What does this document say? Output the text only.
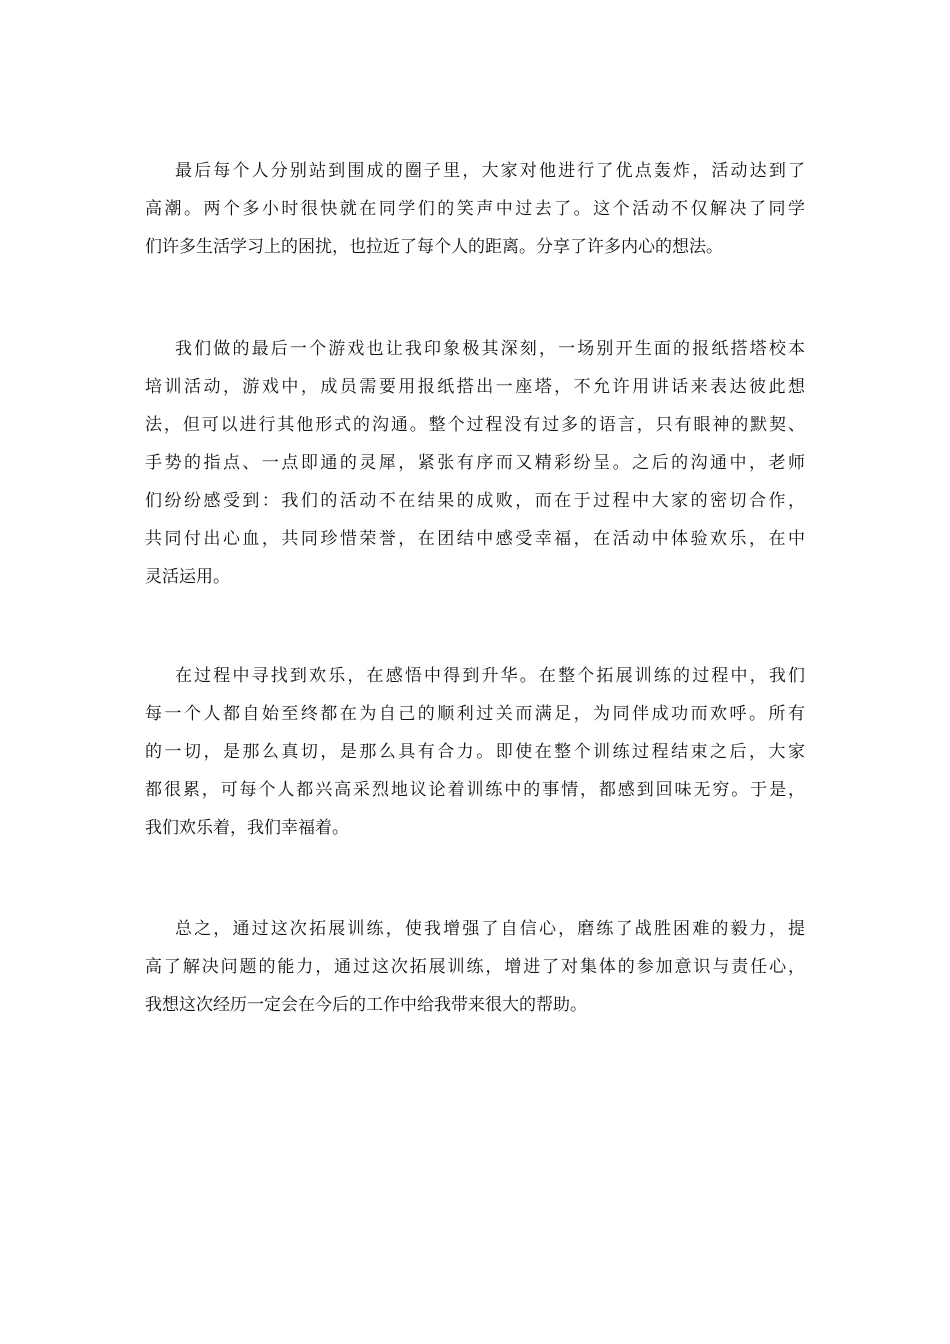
最后每个人分别站到围成的圈子里，大家对他进行了优点轰炸，活动达到了
高潮。两个多小时很快就在同学们的笑声中过去了。这个活动不仅解决了同学
们许多生活学习上的困扰，也拉近了每个人的距离。分享了许多内心的想法。
我们做的最后一个游戏也让我印象极其深刻，一场别开生面的报纸搭塔校本
培训活动，游戏中，成员需要用报纸搭出一座塔，不允许用讲话来表达彼此想
法，但可以进行其他形式的沟通。整个过程没有过多的语言，只有眼神的默契、
手势的指点、一点即通的灵犀，紧张有序而又精彩纷呈。之后的沟通中，老师
们纷纷感受到：我们的活动不在结果的成败，而在于过程中大家的密切合作，
共同付出心血，共同珍惜荣誉，在团结中感受幸福，在活动中体验欢乐，在中
灵活运用。
在过程中寻找到欢乐，在感悟中得到升华。在整个拓展训练的过程中，我们
每一个人都自始至终都在为自己的顺利过关而满足，为同伴成功而欢呼。所有
的一切，是那么真切，是那么具有合力。即使在整个训练过程结束之后，大家
都很累，可每个人都兴高采烈地议论着训练中的事情，都感到回味无穷。于是，
我们欢乐着，我们幸福着。
总之，通过这次拓展训练，使我增强了自信心，磨练了战胜困难的毅力，提
高了解决问题的能力，通过这次拓展训练，增进了对集体的参加意识与责任心，
我想这次经历一定会在今后的工作中给我带来很大的帮助。
